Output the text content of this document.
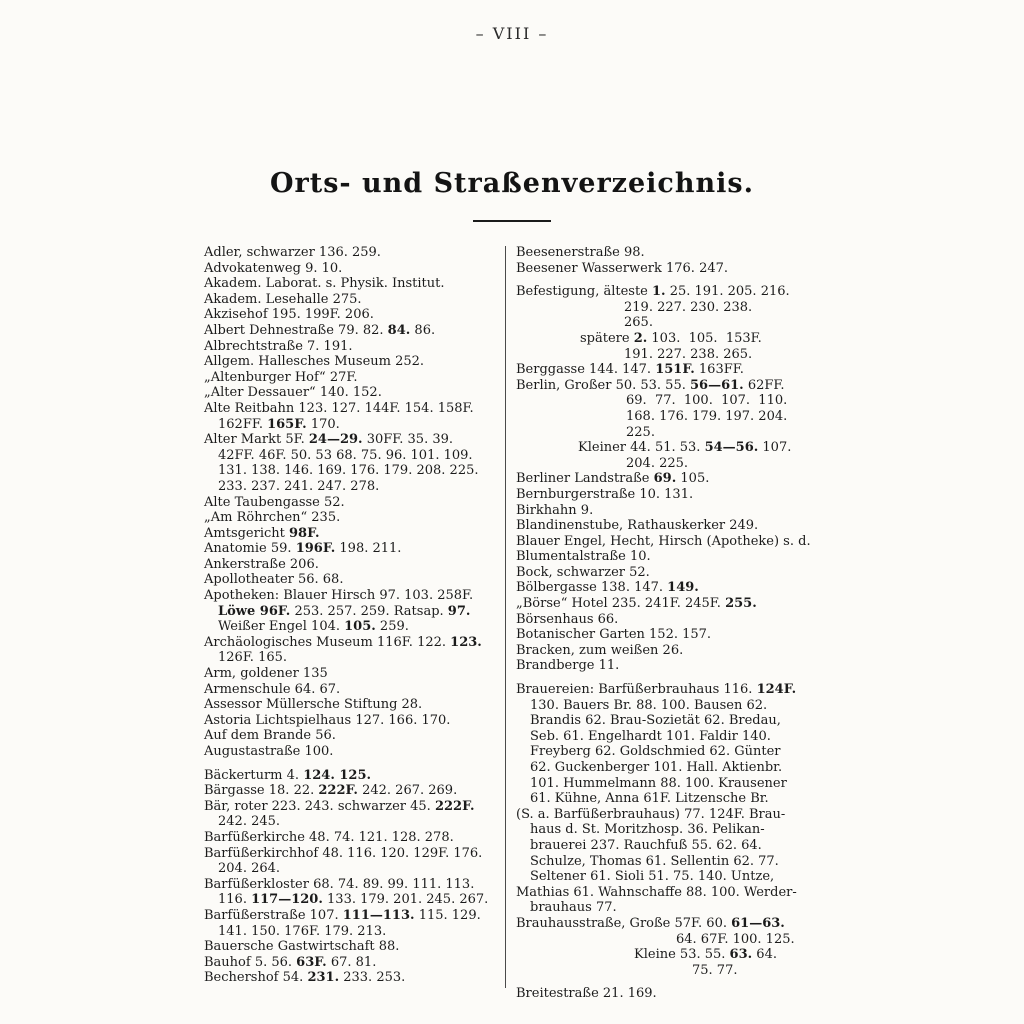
– VIII –
Orts- und Straßenverzeichnis.
Adler, schwarzer 136. 259.
Advokatenweg 9. 10.
Akadem. Laborat. s. Physik. Institut.
Akadem. Lesehalle 275.
Akzisehof 195. 199F. 206.
Albert Dehnestraße 79. 82. 84. 86.
Albrechtstraße 7. 191.
Allgem. Hallesches Museum 252.
„Altenburger Hof“ 27F.
„Alter Dessauer“ 140. 152.
Alte Reitbahn 123. 127. 144F. 154. 158F.
162FF. 165F. 170.
Alter Markt 5F. 24—29. 30FF. 35. 39.
42FF. 46F. 50. 53 68. 75. 96. 101. 109.
131. 138. 146. 169. 176. 179. 208. 225.
233. 237. 241. 247. 278.
Alte Taubengasse 52.
„Am Röhrchen“ 235.
Amtsgericht 98F.
Anatomie 59. 196F. 198. 211.
Ankerstraße 206.
Apollotheater 56. 68.
Apotheken: Blauer Hirsch 97. 103. 258F.
Löwe 96F. 253. 257. 259. Ratsap. 97.
Weißer Engel 104. 105. 259.
Archäologisches Museum 116F. 122. 123.
126F. 165.
Arm, goldener 135
Armenschule 64. 67.
Assessor Müllersche Stiftung 28.
Astoria Lichtspielhaus 127. 166. 170.
Auf dem Brande 56.
Augustastraße 100.
Bäckerturm 4. 124. 125.
Bärgasse 18. 22. 222F. 242. 267. 269.
Bär, roter 223. 243. schwarzer 45. 222F.
242. 245.
Barfüßerkirche 48. 74. 121. 128. 278.
Barfüßerkirchhof 48. 116. 120. 129F. 176.
204. 264.
Barfüßerkloster 68. 74. 89. 99. 111. 113.
116. 117—120. 133. 179. 201. 245. 267.
Barfüßerstraße 107. 111—113. 115. 129.
141. 150. 176F. 179. 213.
Bauersche Gastwirtschaft 88.
Bauhof 5. 56. 63F. 67. 81.
Bechershof 54. 231. 233. 253.
Beesenerstraße 98.
Beesener Wasserwerk 176. 247.
Befestigung, älteste 1. 25. 191. 205. 216.
219. 227. 230. 238.
265.
spätere 2. 103.  105.  153F.
191. 227. 238. 265.
Berggasse 144. 147. 151F. 163FF.
Berlin, Großer 50. 53. 55. 56—61. 62FF.
69.  77.  100.  107.  110.
168. 176. 179. 197. 204.
225.
Kleiner 44. 51. 53. 54—56. 107.
204. 225.
Berliner Landstraße 69. 105.
Bernburgerstraße 10. 131.
Birkhahn 9.
Blandinenstube, Rathauskerker 249.
Blauer Engel, Hecht, Hirsch (Apotheke) s. d.
Blumentalstraße 10.
Bock, schwarzer 52.
Bölbergasse 138. 147. 149.
„Börse“ Hotel 235. 241F. 245F. 255.
Börsenhaus 66.
Botanischer Garten 152. 157.
Bracken, zum weißen 26.
Brandberge 11.
Brauereien: Barfüßerbrauhaus 116. 124F.
130. Bauers Br. 88. 100. Bausen 62.
Brandis 62. Brau-Sozietät 62. Bredau,
Seb. 61. Engelhardt 101. Faldir 140.
Freyberg 62. Goldschmied 62. Günter
62. Guckenberger 101. Hall. Aktienbr.
101. Hummelmann 88. 100. Krausener
61. Kühne, Anna 61F. Litzensche Br.
(S. a. Barfüßerbrauhaus) 77. 124F. Brau-
haus d. St. Moritzhosp. 36. Pelikan-
brauerei 237. Rauchfuß 55. 62. 64.
Schulze, Thomas 61. Sellentin 62. 77.
Seltener 61. Sioli 51. 75. 140. Untze,
Mathias 61. Wahnschaffe 88. 100. Werder-
brauhaus 77.
Brauhausstraße, Große 57F. 60. 61—63.
64. 67F. 100. 125.
Kleine 53. 55. 63. 64.
75. 77.
Breitestraße 21. 169.
